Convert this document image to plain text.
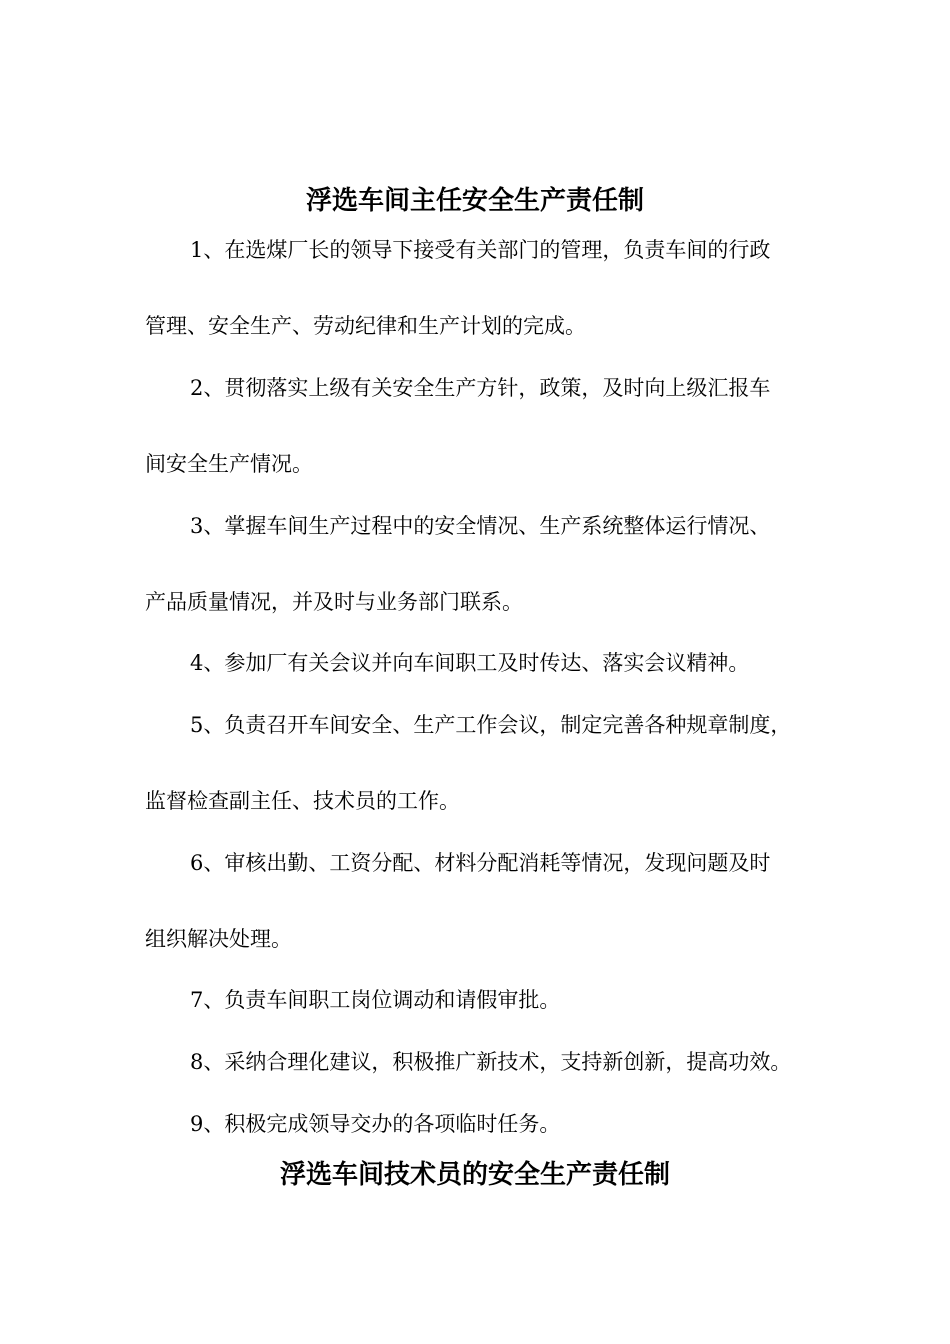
浮选车间主任安全生产责任制
1、在选煤厂长的领导下接受有关部门的管理，负责车间的行政
管理、安全生产、劳动纪律和生产计划的完成。
2、贯彻落实上级有关安全生产方针，政策，及时向上级汇报车
间安全生产情况。
3、掌握车间生产过程中的安全情况、生产系统整体运行情况、
产品质量情况，并及时与业务部门联系。
4、参加厂有关会议并向车间职工及时传达、落实会议精神。
5、负责召开车间安全、生产工作会议，制定完善各种规章制度，
监督检查副主任、技术员的工作。
6、审核出勤、工资分配、材料分配消耗等情况，发现问题及时
组织解决处理。
7、负责车间职工岗位调动和请假审批。
8、采纳合理化建议，积极推广新技术，支持新创新，提高功效。
9、积极完成领导交办的各项临时任务。
浮选车间技术员的安全生产责任制
